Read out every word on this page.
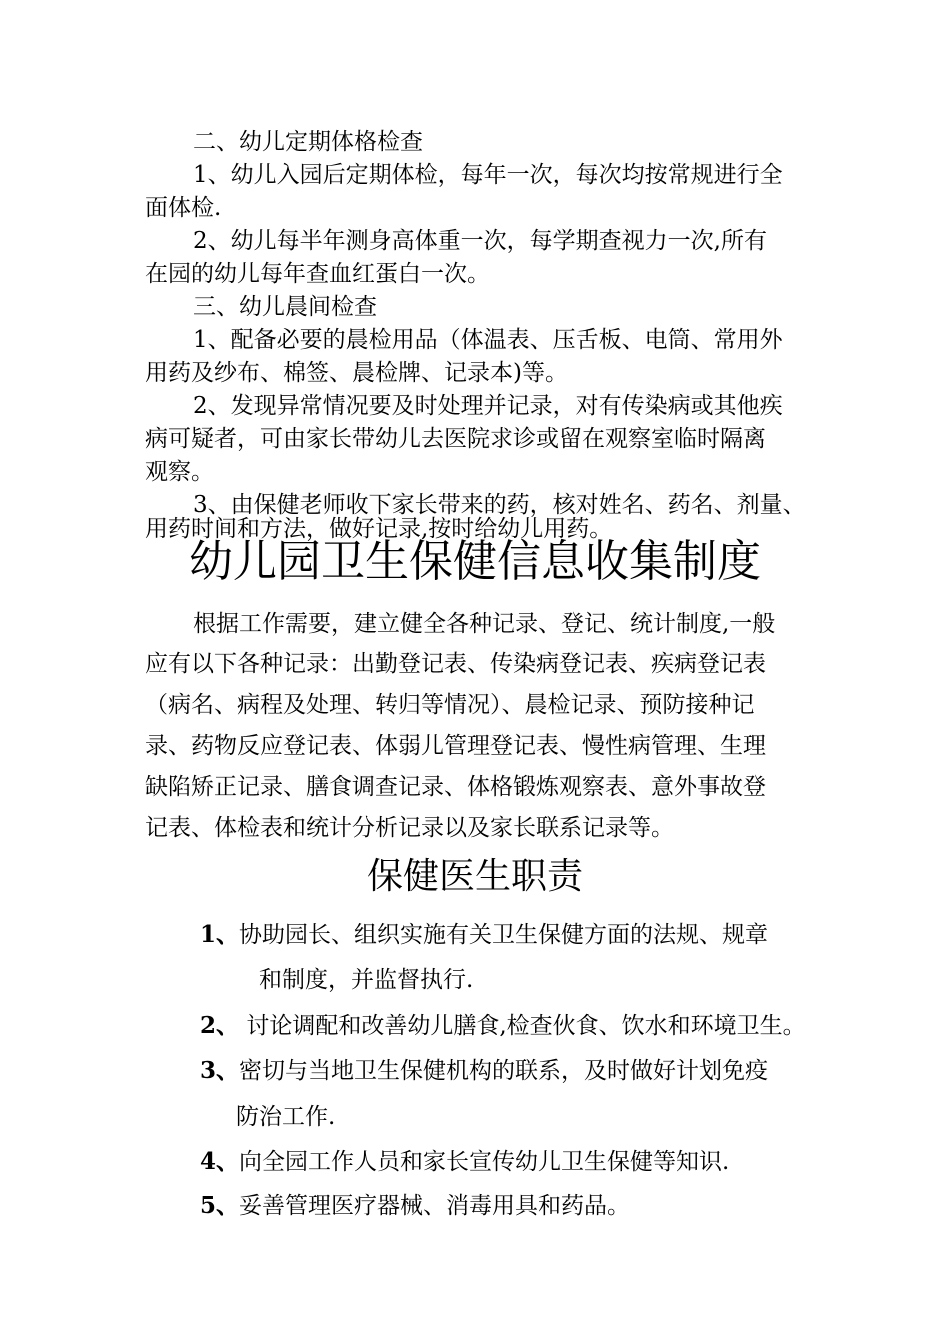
二、幼儿定期体格检查
1、幼儿入园后定期体检，每年一次，每次均按常规进行全
面体检.
2、幼儿每半年测身高体重一次，每学期查视力一次,所有
在园的幼儿每年查血红蛋白一次。
三、幼儿晨间检查
1、配备必要的晨检用品（体温表、压舌板、电筒、常用外
用药及纱布、棉签、晨检牌、记录本)等。
2、发现异常情况要及时处理并记录，对有传染病或其他疾
病可疑者，可由家长带幼儿去医院求诊或留在观察室临时隔离
观察。
3、由保健老师收下家长带来的药，核对姓名、药名、剂量、
用药时间和方法，做好记录,按时给幼儿用药。
幼儿园卫生保健信息收集制度
根据工作需要，建立健全各种记录、登记、统计制度,一般
应有以下各种记录：出勤登记表、传染病登记表、疾病登记表
（病名、病程及处理、转归等情况）、晨检记录、预防接种记
录、药物反应登记表、体弱儿管理登记表、慢性病管理、生理
缺陷矫正记录、膳食调查记录、体格锻炼观察表、意外事故登
记表、体检表和统计分析记录以及家长联系记录等。
保健医生职责
1、协助园长、组织实施有关卫生保健方面的法规、规章
和制度，并监督执行.
2、 讨论调配和改善幼儿膳食,检查伙食、饮水和环境卫生。
3、密切与当地卫生保健机构的联系，及时做好计划免疫
防治工作.
4、向全园工作人员和家长宣传幼儿卫生保健等知识.
5、妥善管理医疗器械、消毒用具和药品。
